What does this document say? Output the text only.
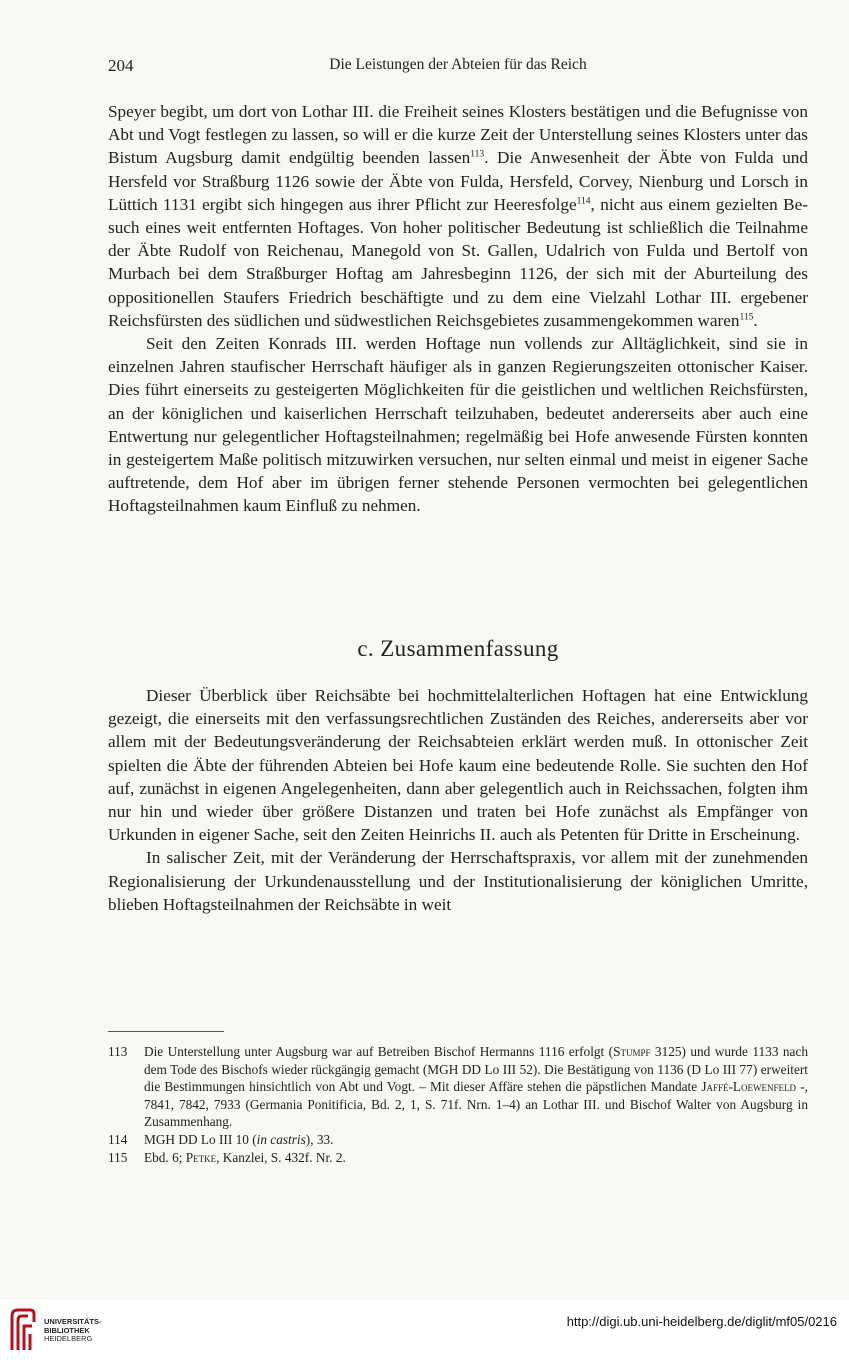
204	Die Leistungen der Abteien für das Reich

Speyer begibt, um dort von Lothar III. die Freiheit seines Klosters bestätigen und die Befugnisse von Abt und Vogt festlegen zu lassen, so will er die kurze Zeit der Unterstellung seines Klosters unter das Bistum Augsburg damit endgültig beenden lassen$^{113}$. Die Anwesenheit der Äbte von Fulda und Hersfeld vor Straßburg 1126 sowie der Äbte von Fulda, Hersfeld, Corvey, Nienburg und Lorsch in Lüttich 1131 ergibt sich hingegen aus ihrer Pflicht zur Heeresfolge$^{114}$, nicht aus einem gezielten Besuch eines weit entfernten Hoftages. Von hoher politischer Bedeutung ist schließlich die Teilnahme der Äbte Rudolf von Reichenau, Manegold von St. Gallen, Udalrich von Fulda und Bertolf von Murbach bei dem Straßburger Hoftag am Jahresbeginn 1126, der sich mit der Aburteilung des oppositionellen Staufers Friedrich beschäftigte und zu dem eine Vielzahl Lothar III. ergebener Reichsfürsten des südlichen und südwestlichen Reichsgebietes zusammengekommen waren$^{115}$.

Seit den Zeiten Konrads III. werden Hoftage nun vollends zur Alltäglichkeit, sind sie in einzelnen Jahren staufischer Herrschaft häufiger als in ganzen Regierungszeiten ottonischer Kaiser. Dies führt einerseits zu gesteigerten Möglichkeiten für die geistlichen und weltlichen Reichsfürsten, an der königlichen und kaiserlichen Herrschaft teilzuhaben, bedeutet andererseits aber auch eine Entwertung nur gelegentlicher Hoftagsteilnahmen; regelmäßig bei Hofe anwesende Fürsten konnten in gesteigertem Maße politisch mitzuwirken versuchen, nur selten einmal und meist in eigener Sache auftretende, dem Hof aber im übrigen ferner stehende Personen vermochten bei gelegentlichen Hoftagsteilnahmen kaum Einfluß zu nehmen.

c. Zusammenfassung

Dieser Überblick über Reichsäbte bei hochmittelalterlichen Hoftagen hat eine Entwicklung gezeigt, die einerseits mit den verfassungsrechtlichen Zuständen des Reiches, andererseits aber vor allem mit der Bedeutungsveränderung der Reichsabteien erklärt werden muß. In ottonischer Zeit spielten die Äbte der führenden Abteien bei Hofe kaum eine bedeutende Rolle. Sie suchten den Hof auf, zunächst in eigenen Angelegenheiten, dann aber gelegentlich auch in Reichssachen, folgten ihm nur hin und wieder über größere Distanzen und traten bei Hofe zunächst als Empfänger von Urkunden in eigener Sache, seit den Zeiten Heinrichs II. auch als Petenten für Dritte in Erscheinung.

In salischer Zeit, mit der Veränderung der Herrschaftspraxis, vor allem mit der zunehmenden Regionalisierung der Urkundenausstellung und der Institutionalisierung der königlichen Umritte, blieben Hoftagsteilnahmen der Reichsäbte in weit

113 Die Unterstellung unter Augsburg war auf Betreiben Bischof Hermanns 1116 erfolgt (Stumpf 3125) und wurde 1133 nach dem Tode des Bischofs wieder rückgängig gemacht (MGH DD Lo III 52). Die Bestätigung von 1136 (D Lo III 77) erweitert die Bestimmungen hinsichtlich von Abt und Vogt. – Mit dieser Affäre stehen die päpstlichen Mandate Jaffé-Loewenfeld -, 7841, 7842, 7933 (Germania Ponitificia, Bd. 2, 1, S. 71f. Nrn. 1–4) an Lothar III. und Bischof Walter von Augsburg in Zusammenhang.
114 MGH DD Lo III 10 (in castris), 33.
115 Ebd. 6; Petke, Kanzlei, S. 432f. Nr. 2.
UNIVERSITÄTS-
BIBLIOTHEK
HEIDELBERG
http://digi.ub.uni-heidelberg.de/diglit/mf05/0216
